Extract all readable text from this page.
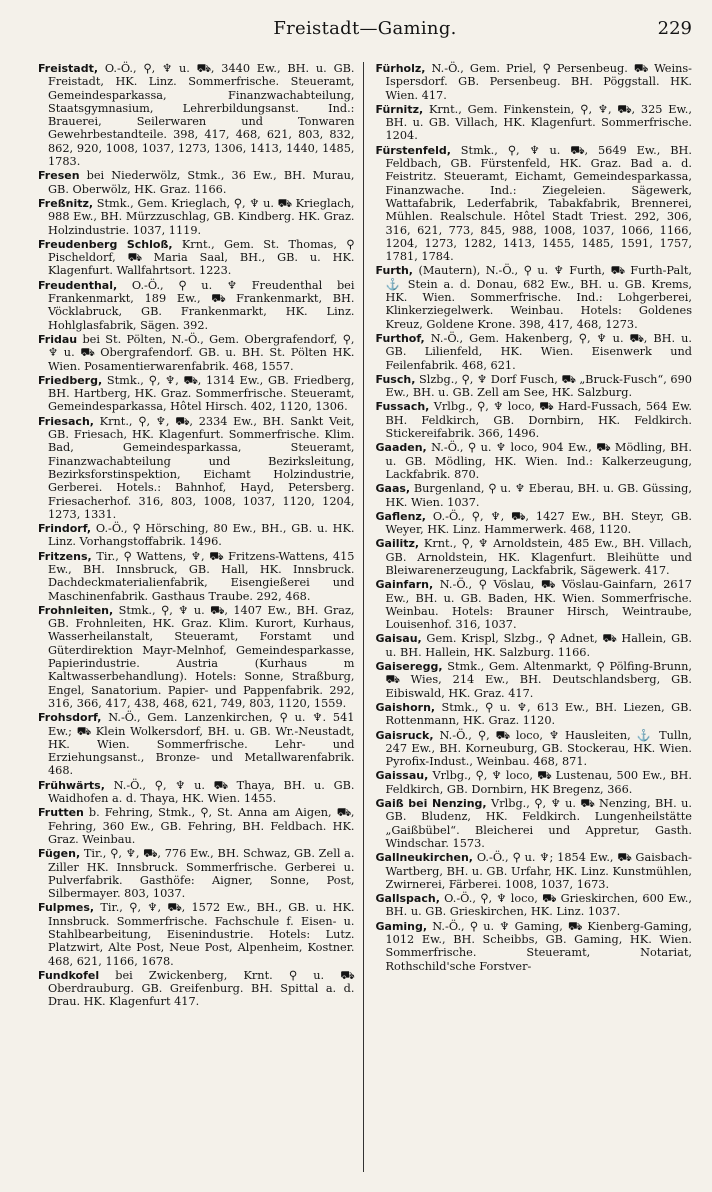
Freistadt—Gaming.	229

Freistadt, O.-Ö., ⚲, ♆ u. ⛟, 3440 Ew., BH. u. GB. Freistadt, HK. Linz. Sommerfrische. Steueramt, Gemeindesparkassa, Finanzwachabteilung, Staatsgymnasium, Lehrerbildungsanst. Ind.: Brauerei, Seilerwaren und Tonwaren Gewehrbestandteile. 398, 417, 468, 621, 803, 832, 862, 920, 1008, 1037, 1273, 1306, 1413, 1440, 1485, 1783.

Fresen bei Niederwölz, Stmk., 36 Ew., BH. Murau, GB. Oberwölz, HK. Graz. 1166.

Freßnitz, Stmk., Gem. Krieglach, ⚲, ♆ u. ⛟ Krieglach, 988 Ew., BH. Mürzzuschlag, GB. Kindberg. HK. Graz. Holzindustrie. 1037, 1119.

Freudenberg Schloß, Krnt., Gem. St. Thomas, ⚲ Pischeldorf, ⛟ Maria Saal, BH., GB. u. HK. Klagenfurt. Wallfahrtsort. 1223.

Freudenthal, O.-Ö., ⚲ u. ♆ Freudenthal bei Frankenmarkt, 189 Ew., ⛟ Frankenmarkt, BH. Vöcklabruck, GB. Frankenmarkt, HK. Linz. Hohlglasfabrik, Sägen. 392.

Fridau bei St. Pölten, N.-Ö., Gem. Obergrafendorf, ⚲, ♆ u. ⛟ Obergrafendorf. GB. u. BH. St. Pölten HK. Wien. Posamentierwarenfabrik. 468, 1557.

Friedberg, Stmk., ⚲, ♆, ⛟, 1314 Ew., GB. Friedberg, BH. Hartberg, HK. Graz. Sommerfrische. Steueramt, Gemeindesparkassa, Hôtel Hirsch. 402, 1120, 1306.

Friesach, Krnt., ⚲, ♆, ⛟, 2334 Ew., BH. Sankt Veit, GB. Friesach, HK. Klagenfurt. Sommerfrische. Klim. Bad, Gemeindesparkassa, Steueramt, Finanzwachabteilung und Bezirksleitung, Bezirksforstinspektion, Eichamt Holzindustrie, Gerberei. Hotels.: Bahnhof, Hayd, Petersberg. Friesacherhof. 316, 803, 1008, 1037, 1120, 1204, 1273, 1331.

Frindorf, O.-Ö., ⚲ Hörsching, 80 Ew., BH., GB. u. HK. Linz. Vorhangstoffabrik. 1496.

Fritzens, Tir., ⚲ Wattens, ♆, ⛟ Fritzens-Wattens, 415 Ew., BH. Innsbruck, GB. Hall, HK. Innsbruck. Dachdeckmaterialienfabrik, Eisengießerei und Maschinenfabrik. Gasthaus Traube. 292, 468.

Frohnleiten, Stmk., ⚲, ♆ u. ⛟, 1407 Ew., BH. Graz, GB. Frohnleiten, HK. Graz. Klim. Kurort, Kurhaus, Wasserheilanstalt, Steueramt, Forstamt und Güterdirektion Mayr-Melnhof, Gemeindesparkasse, Papierindustrie. Austria (Kurhaus m Kaltwasserbehandlung). Hotels: Sonne, Straßburg, Engel, Sanatorium. Papier- und Pappenfabrik. 292, 316, 366, 417, 438, 468, 621, 749, 803, 1120, 1559.

Frohsdorf, N.-Ö., Gem. Lanzenkirchen, ⚲ u. ♆. 541 Ew.; ⛟ Klein Wolkersdorf, BH. u. GB. Wr.-Neustadt, HK. Wien. Sommerfrische. Lehr- und Erziehungsanst., Bronze- und Metallwarenfabrik. 468.

Frühwärts, N.-Ö., ⚲, ♆ u. ⛟ Thaya, BH. u. GB. Waidhofen a. d. Thaya, HK. Wien. 1455.

Frutten b. Fehring, Stmk., ⚲, St. Anna am Aigen, ⛟, Fehring, 360 Ew., GB. Fehring, BH. Feldbach. HK. Graz. Weinbau.

Fügen, Tir., ⚲, ♆, ⛟, 776 Ew., BH. Schwaz, GB. Zell a. Ziller HK. Innsbruck. Sommerfrische. Gerberei u. Pulverfabrik. Gasthöfe: Aigner, Sonne, Post, Silbermayer. 803, 1037.

Fulpmes, Tir., ⚲, ♆, ⛟, 1572 Ew., BH., GB. u. HK. Innsbruck. Sommerfrische. Fachschule f. Eisen- u. Stahlbearbeitung, Eisenindustrie. Hotels: Lutz. Platzwirt, Alte Post, Neue Post, Alpenheim, Kostner. 468, 621, 1166, 1678.

Fundkofel bei Zwickenberg, Krnt. ⚲ u. ⛟ Oberdrauburg. GB. Greifenburg. BH. Spittal a. d. Drau. HK. Klagenfurt 417.

Fürholz, N.-Ö., Gem. Priel, ⚲ Persenbeug. ⛟ Weins-Ispersdorf. GB. Persenbeug. BH. Pöggstall. HK. Wien. 417.

Fürnitz, Krnt., Gem. Finkenstein, ⚲, ♆, ⛟, 325 Ew., BH. u. GB. Villach, HK. Klagenfurt. Sommerfrische. 1204.

Fürstenfeld, Stmk., ⚲, ♆ u. ⛟, 5649 Ew., BH. Feldbach, GB. Fürstenfeld, HK. Graz. Bad a. d. Feistritz. Steueramt, Eichamt, Gemeindesparkassa, Finanzwache. Ind.: Ziegeleien. Sägewerk, Wattafabrik, Lederfabrik, Tabakfabrik, Brennerei, Mühlen. Realschule. Hôtel Stadt Triest. 292, 306, 316, 621, 773, 845, 988, 1008, 1037, 1066, 1166, 1204, 1273, 1282, 1413, 1455, 1485, 1591, 1757, 1781, 1784.

Furth, (Mautern), N.-Ö., ⚲ u. ♆ Furth, ⛟ Furth-Palt, ⚓ Stein a. d. Donau, 682 Ew., BH. u. GB. Krems, HK. Wien. Sommerfrische. Ind.: Lohgerberei, Klinkerziegelwerk. Weinbau. Hotels: Goldenes Kreuz, Goldene Krone. 398, 417, 468, 1273.

Furthof, N.-Ö., Gem. Hakenberg, ⚲, ♆ u. ⛟, BH. u. GB. Lilienfeld, HK. Wien. Eisenwerk und Feilenfabrik. 468, 621.

Fusch, Slzbg., ⚲, ♆ Dorf Fusch, ⛟ „Bruck-Fusch“, 690 Ew., BH. u. GB. Zell am See, HK. Salzburg.

Fussach, Vrlbg., ⚲, ♆ loco, ⛟ Hard-Fussach, 564 Ew. BH. Feldkirch, GB. Dornbirn, HK. Feldkirch. Stickereifabrik. 366, 1496.

Gaaden, N.-Ö., ⚲ u. ♆ loco, 904 Ew., ⛟ Mödling, BH. u. GB. Mödling, HK. Wien. Ind.: Kalkerzeugung, Lackfabrik. 870.

Gaas, Burgenland, ⚲ u. ♆ Eberau, BH. u. GB. Güssing, HK. Wien. 1037.

Gaflenz, O.-Ö., ⚲, ♆, ⛟, 1427 Ew., BH. Steyr, GB. Weyer, HK. Linz. Hammerwerk. 468, 1120.

Gailitz, Krnt., ⚲, ♆ Arnoldstein, 485 Ew., BH. Villach, GB. Arnoldstein, HK. Klagenfurt. Bleihütte und Bleiwarenerzeugung, Lackfabrik, Sägewerk. 417.

Gainfarn, N.-Ö., ⚲ Vöslau, ⛟ Vöslau-Gainfarn, 2617 Ew., BH. u. GB. Baden, HK. Wien. Sommerfrische. Weinbau. Hotels: Brauner Hirsch, Weintraube, Louisenhof. 316, 1037.

Gaisau, Gem. Krispl, Slzbg., ⚲ Adnet, ⛟ Hallein, GB. u. BH. Hallein, HK. Salzburg. 1166.

Gaiseregg, Stmk., Gem. Altenmarkt, ⚲ Pölfing-Brunn, ⛟ Wies, 214 Ew., BH. Deutschlandsberg, GB. Eibiswald, HK. Graz. 417.

Gaishorn, Stmk., ⚲ u. ♆, 613 Ew., BH. Liezen, GB. Rottenmann, HK. Graz. 1120.

Gaisruck, N.-Ö., ⚲, ⛟ loco, ♆ Hausleiten, ⚓ Tulln, 247 Ew., BH. Korneuburg, GB. Stockerau, HK. Wien. Pyrofix-Indust., Weinbau. 468, 871.

Gaissau, Vrlbg., ⚲, ♆ loco, ⛟ Lustenau, 500 Ew., BH. Feldkirch, GB. Dornbirn, HK Bregenz, 366.

Gaiß bei Nenzing, Vrlbg., ⚲, ♆ u. ⛟ Nenzing, BH. u. GB. Bludenz, HK. Feldkirch. Lungenheilstätte „Gaißbübel“. Bleicherei und Appretur, Gasth. Windschar. 1573.

Gallneukirchen, O.-Ö., ⚲ u. ♆; 1854 Ew., ⛟ Gaisbach-Wartberg, BH. u. GB. Urfahr, HK. Linz. Kunstmühlen, Zwirnerei, Färberei. 1008, 1037, 1673.

Gallspach, O.-Ö., ⚲, ♆ loco, ⛟ Grieskirchen, 600 Ew., BH. u. GB. Grieskirchen, HK. Linz. 1037.

Gaming, N.-Ö., ⚲ u. ♆ Gaming, ⛟ Kienberg-Gaming, 1012 Ew., BH. Scheibbs, GB. Gaming, HK. Wien. Sommerfrische. Steueramt, Notariat, Rothschild'sche Forstver-
